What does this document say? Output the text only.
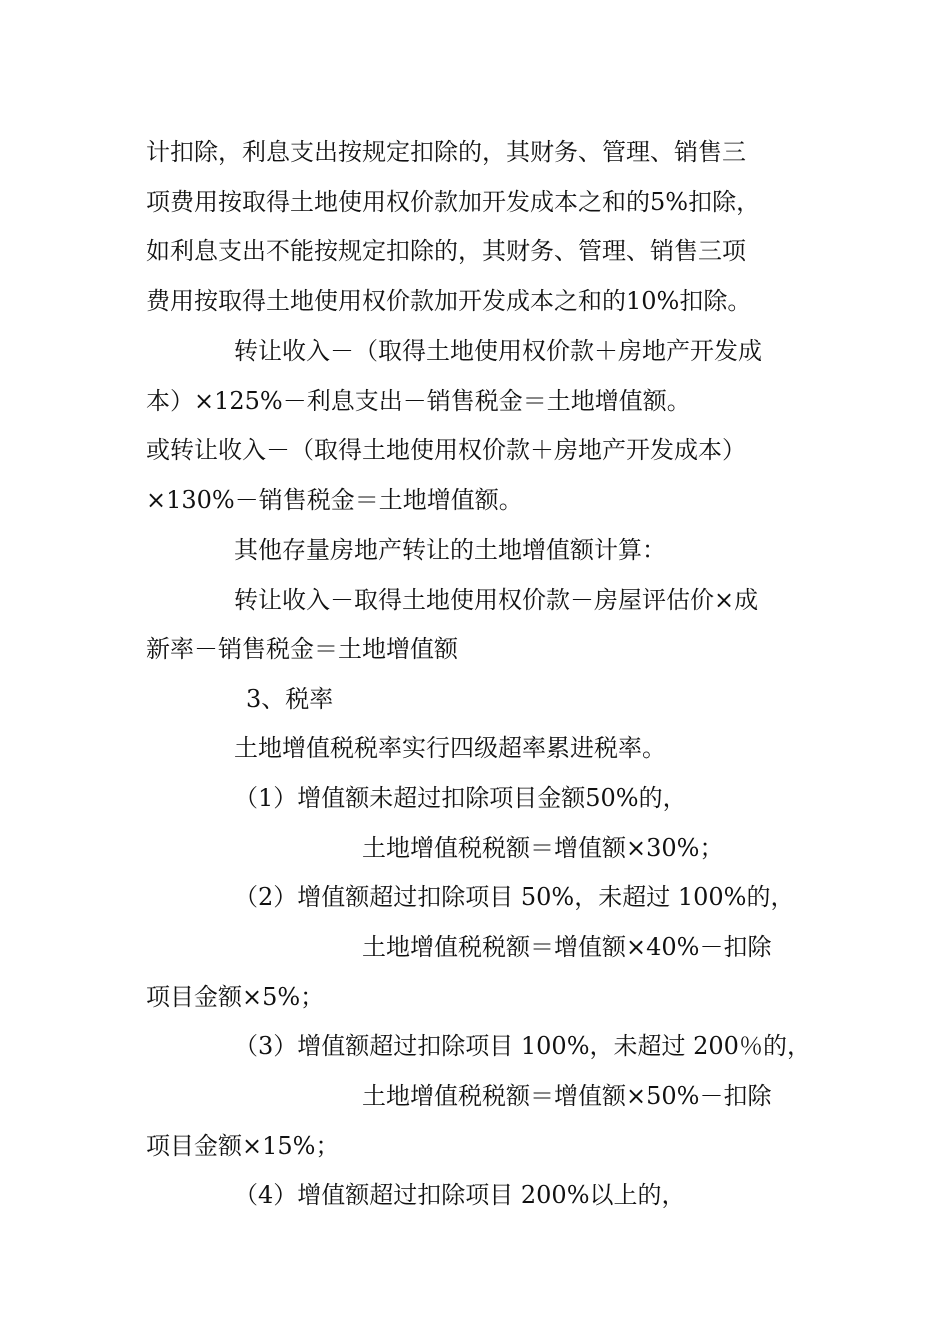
计扣除，利息支出按规定扣除的，其财务、管理、销售三
项费用按取得土地使用权价款加开发成本之和的5%扣除，
如利息支出不能按规定扣除的，其财务、管理、销售三项
费用按取得土地使用权价款加开发成本之和的10%扣除。
转让收入－（取得土地使用权价款＋房地产开发成
本）×125%－利息支出－销售税金＝土地增值额。
或转让收入－（取得土地使用权价款＋房地产开发成本）
×130%－销售税金＝土地增值额。
其他存量房地产转让的土地增值额计算：
转让收入－取得土地使用权价款－房屋评估价×成
新率－销售税金＝土地增值额
3、税率
土地增值税税率实行四级超率累进税率。
（1）增值额未超过扣除项目金额50%的，
土地增值税税额＝增值额×30%；
（2）增值额超过扣除项目 50%，未超过 100%的，
土地增值税税额＝增值额×40%－扣除
项目金额×5%；
（3）增值额超过扣除项目 100%，未超过 200％的，
土地增值税税额＝增值额×50%－扣除
项目金额×15%；
（4）增值额超过扣除项目 200%以上的，
